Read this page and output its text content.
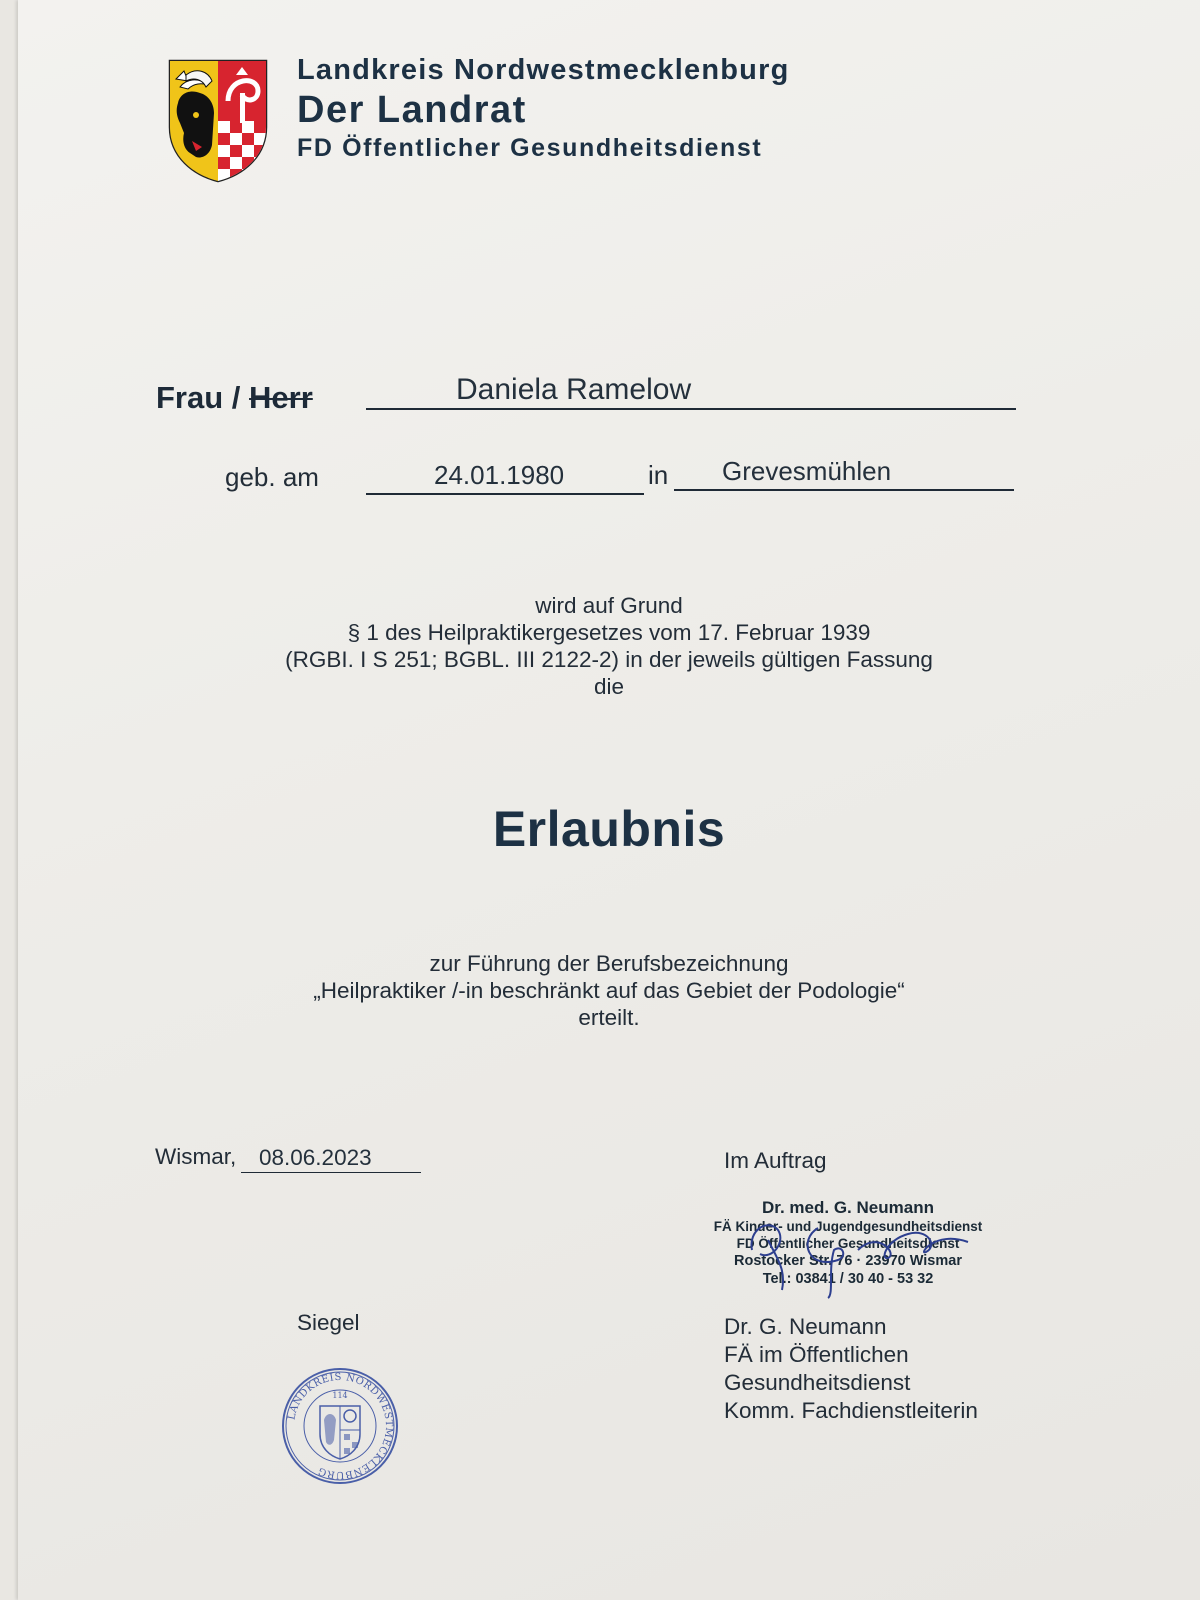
Landkreis Nordwestmecklenburg
Der Landrat
FD Öffentlicher Gesundheitsdienst
Frau / Herr	Daniela Ramelow
geb. am	24.01.1980	in	Grevesmühlen
wird auf Grund
§ 1 des Heilpraktikergesetzes vom 17. Februar 1939
(RGBI. I S 251; BGBL. III 2122-2) in der jeweils gültigen Fassung
die
Erlaubnis
zur Führung der Berufsbezeichnung
„Heilpraktiker /-in beschränkt auf das Gebiet der Podologie“
erteilt.
Wismar,	08.06.2023	Im Auftrag
Dr. med. G. Neumann
FÄ Kinder- und Jugendgesundheitsdienst
FD Öffentlicher Gesundheitsdienst
Rostocker Str. 76 · 23970 Wismar
Tel.: 03841 / 30 40 - 53 32
Dr. G. Neumann
FÄ im Öffentlichen
Gesundheitsdienst
Komm. Fachdienstleiterin
Siegel
LANDKREIS NORDWESTMECKLENBURG
114
